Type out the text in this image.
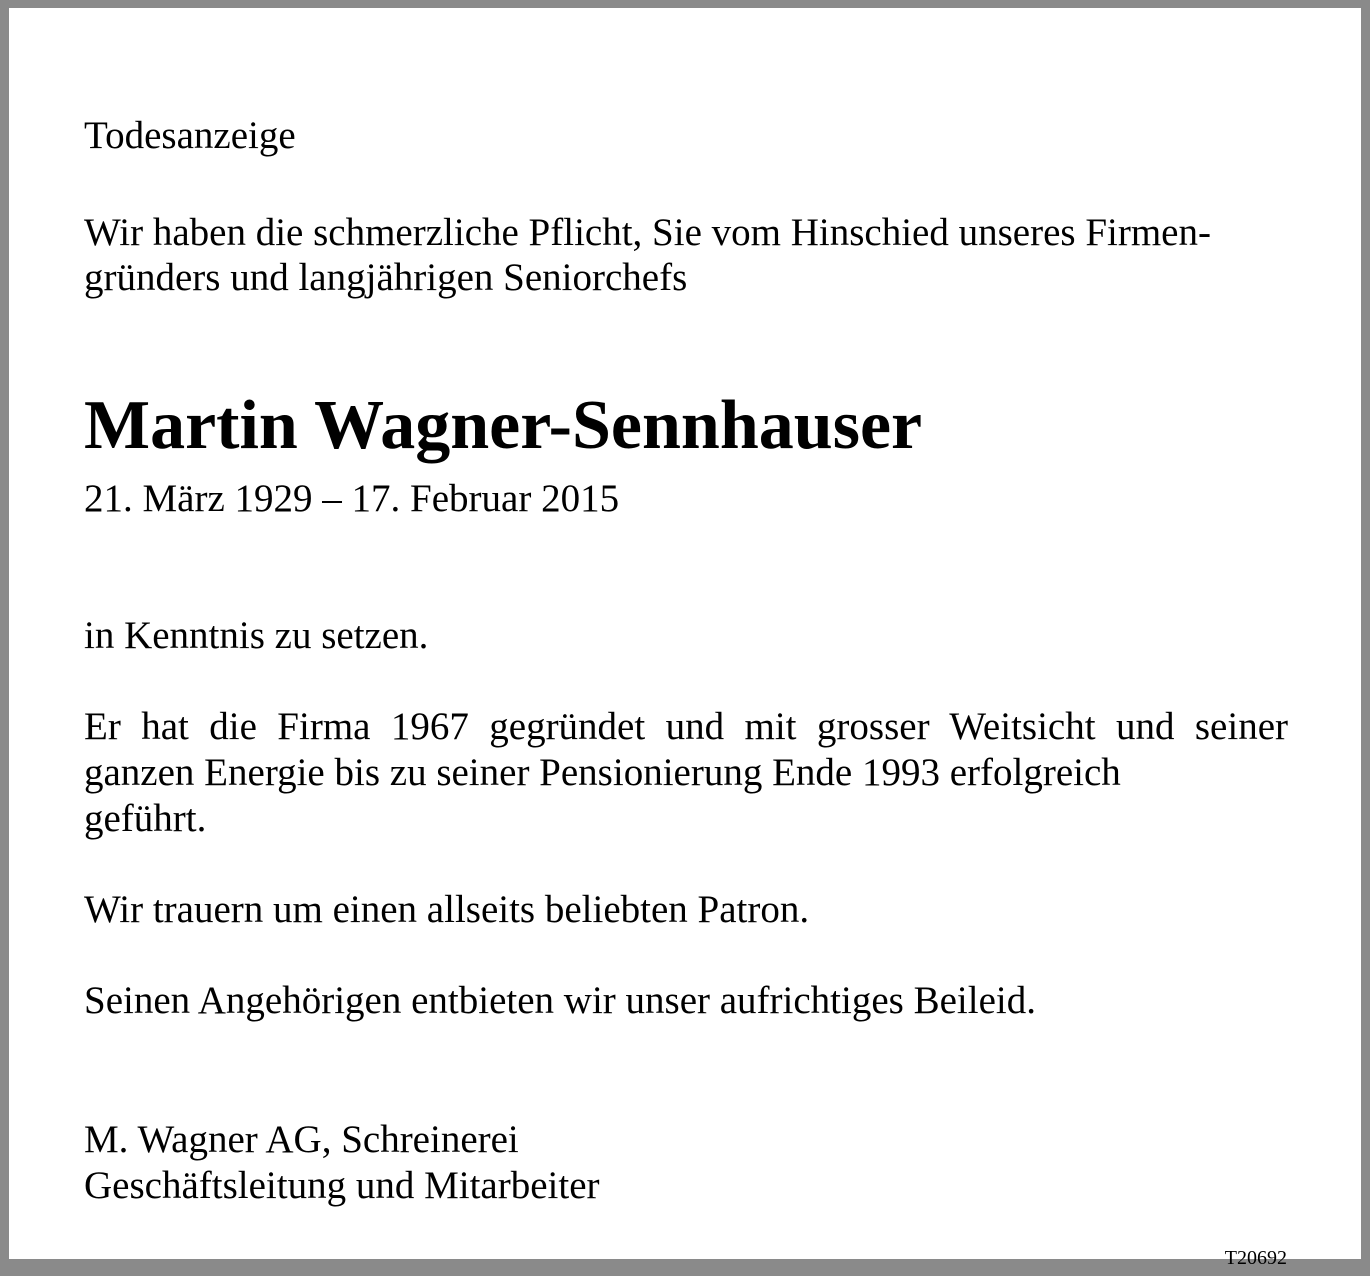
Todesanzeige

Wir haben die schmerzliche Pflicht, Sie vom Hinschied unseres Firmen-

gründers und langjährigen Seniorchefs

Martin Wagner-Sennhauser

21. März 1929 – 17. Februar 2015

in Kenntnis zu setzen.

Er hat die Firma 1967 gegründet und mit grosser Weitsicht und seiner

ganzen Energie bis zu seiner Pensionierung Ende 1993 erfolgreich

geführt.

Wir trauern um einen allseits beliebten Patron.

Seinen Angehörigen entbieten wir unser aufrichtiges Beileid.

M. Wagner AG, Schreinerei

Geschäftsleitung und Mitarbeiter

T20692
